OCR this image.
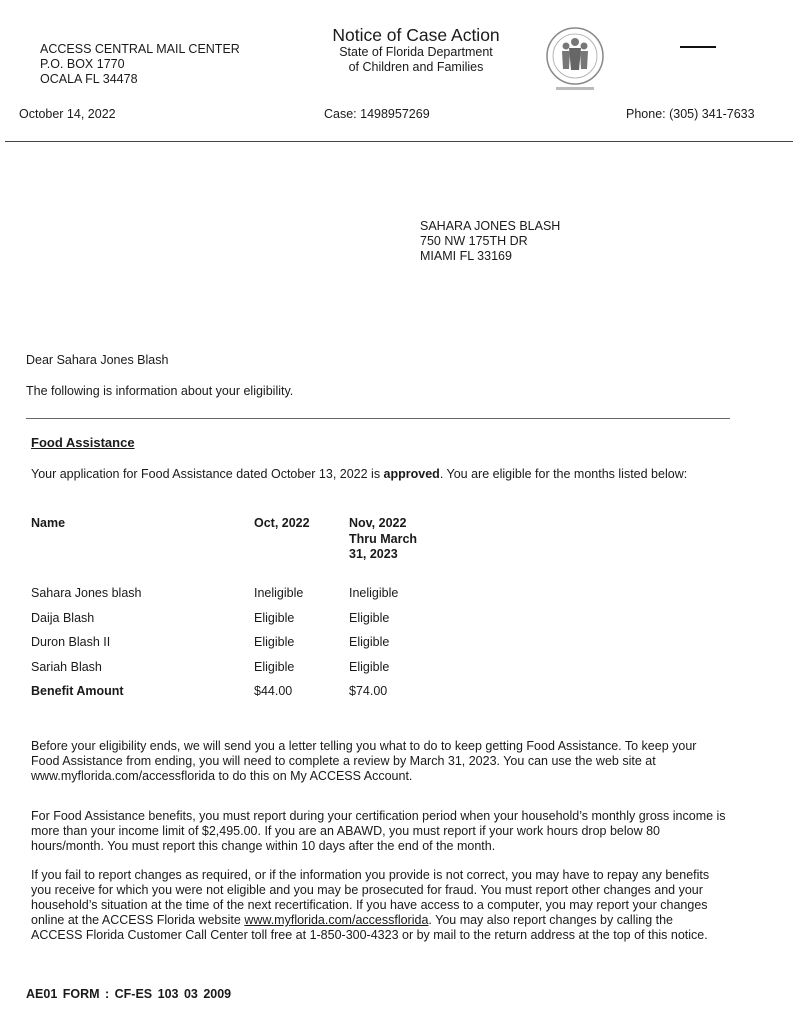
ACCESS CENTRAL MAIL CENTER
P.O. BOX 1770
OCALA FL 34478
Notice of Case Action
State of Florida Department
of Children and Families
October 14, 2022	Case: 1498957269	Phone: (305) 341-7633
SAHARA JONES BLASH
750 NW 175TH DR
MIAMI FL 33169
Dear Sahara Jones Blash
The following is information about your eligibility.
Food Assistance
Your application for Food Assistance dated October 13, 2022 is approved. You are eligible for the months listed below:
Name	Oct, 2022	Nov, 2022 Thru March 31, 2023
Sahara Jones blash	Ineligible	Ineligible
Daija Blash	Eligible	Eligible
Duron Blash II	Eligible	Eligible
Sariah Blash	Eligible	Eligible
Benefit Amount	$44.00	$74.00
Before your eligibility ends, we will send you a letter telling you what to do to keep getting Food Assistance. To keep your Food Assistance from ending, you will need to complete a review by March 31, 2023. You can use the web site at www.myflorida.com/accessflorida to do this on My ACCESS Account.
For Food Assistance benefits, you must report during your certification period when your household’s monthly gross income is more than your income limit of $2,495.00. If you are an ABAWD, you must report if your work hours drop below 80 hours/month. You must report this change within 10 days after the end of the month.
If you fail to report changes as required, or if the information you provide is not correct, you may have to repay any benefits you receive for which you were not eligible and you may be prosecuted for fraud. You must report other changes and your household’s situation at the time of the next recertification. If you have access to a computer, you may report your changes online at the ACCESS Florida website www.myflorida.com/accessflorida. You may also report changes by calling the ACCESS Florida Customer Call Center toll free at 1-850-300-4323 or by mail to the return address at the top of this notice.
AE01 FORM : CF-ES 103 03 2009
